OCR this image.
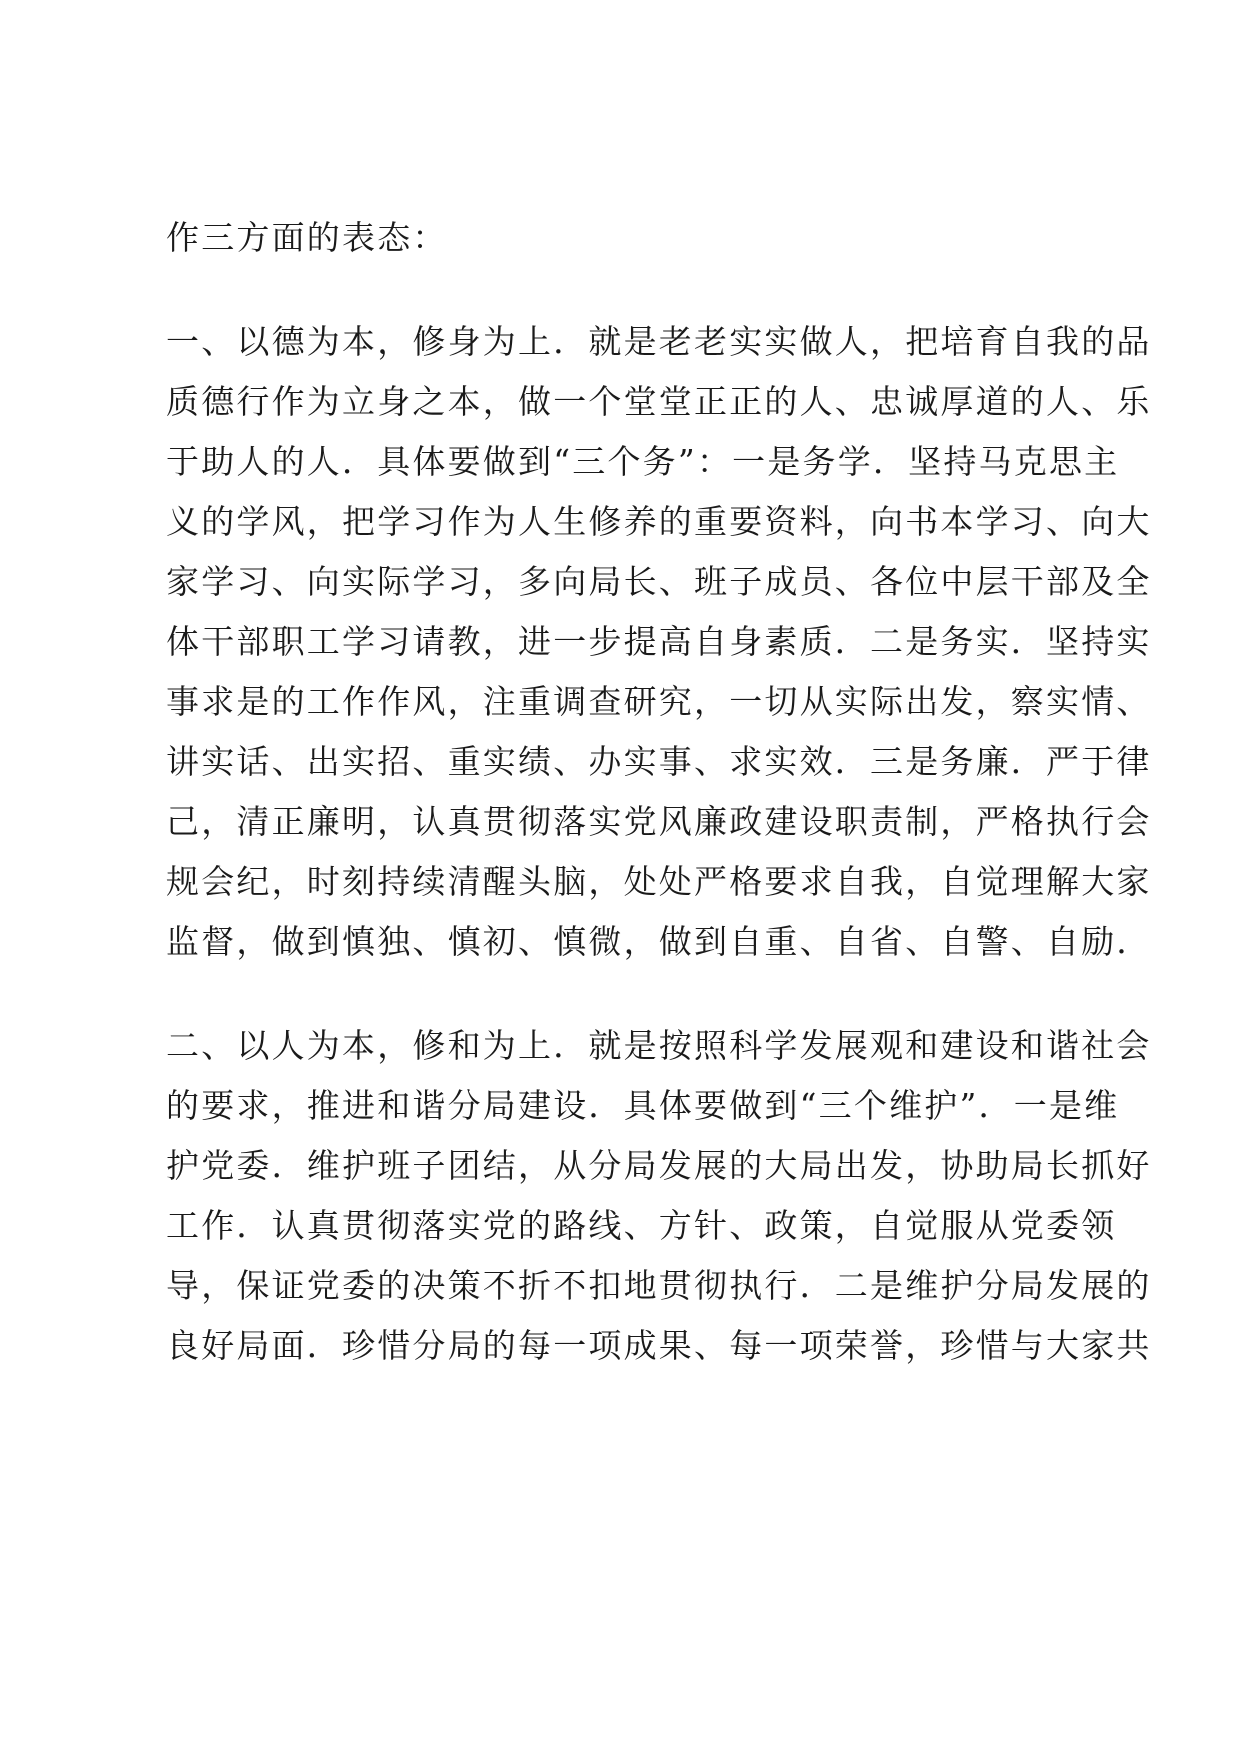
作三方面的表态：
一、以德为本，修身为上．就是老老实实做人，把培育自我的品
质德行作为立身之本，做一个堂堂正正的人、忠诚厚道的人、乐
于助人的人．具体要做到“三个务”：一是务学．坚持马克思主
义的学风，把学习作为人生修养的重要资料，向书本学习、向大
家学习、向实际学习，多向局长、班子成员、各位中层干部及全
体干部职工学习请教，进一步提高自身素质．二是务实．坚持实
事求是的工作作风，注重调查研究，一切从实际出发，察实情、
讲实话、出实招、重实绩、办实事、求实效．三是务廉．严于律
己，清正廉明，认真贯彻落实党风廉政建设职责制，严格执行会
规会纪，时刻持续清醒头脑，处处严格要求自我，自觉理解大家
监督，做到慎独、慎初、慎微，做到自重、自省、自警、自励．
二、以人为本，修和为上．就是按照科学发展观和建设和谐社会
的要求，推进和谐分局建设．具体要做到“三个维护”．一是维
护党委．维护班子团结，从分局发展的大局出发，协助局长抓好
工作．认真贯彻落实党的路线、方针、政策，自觉服从党委领
导，保证党委的决策不折不扣地贯彻执行．二是维护分局发展的
良好局面．珍惜分局的每一项成果、每一项荣誉，珍惜与大家共
